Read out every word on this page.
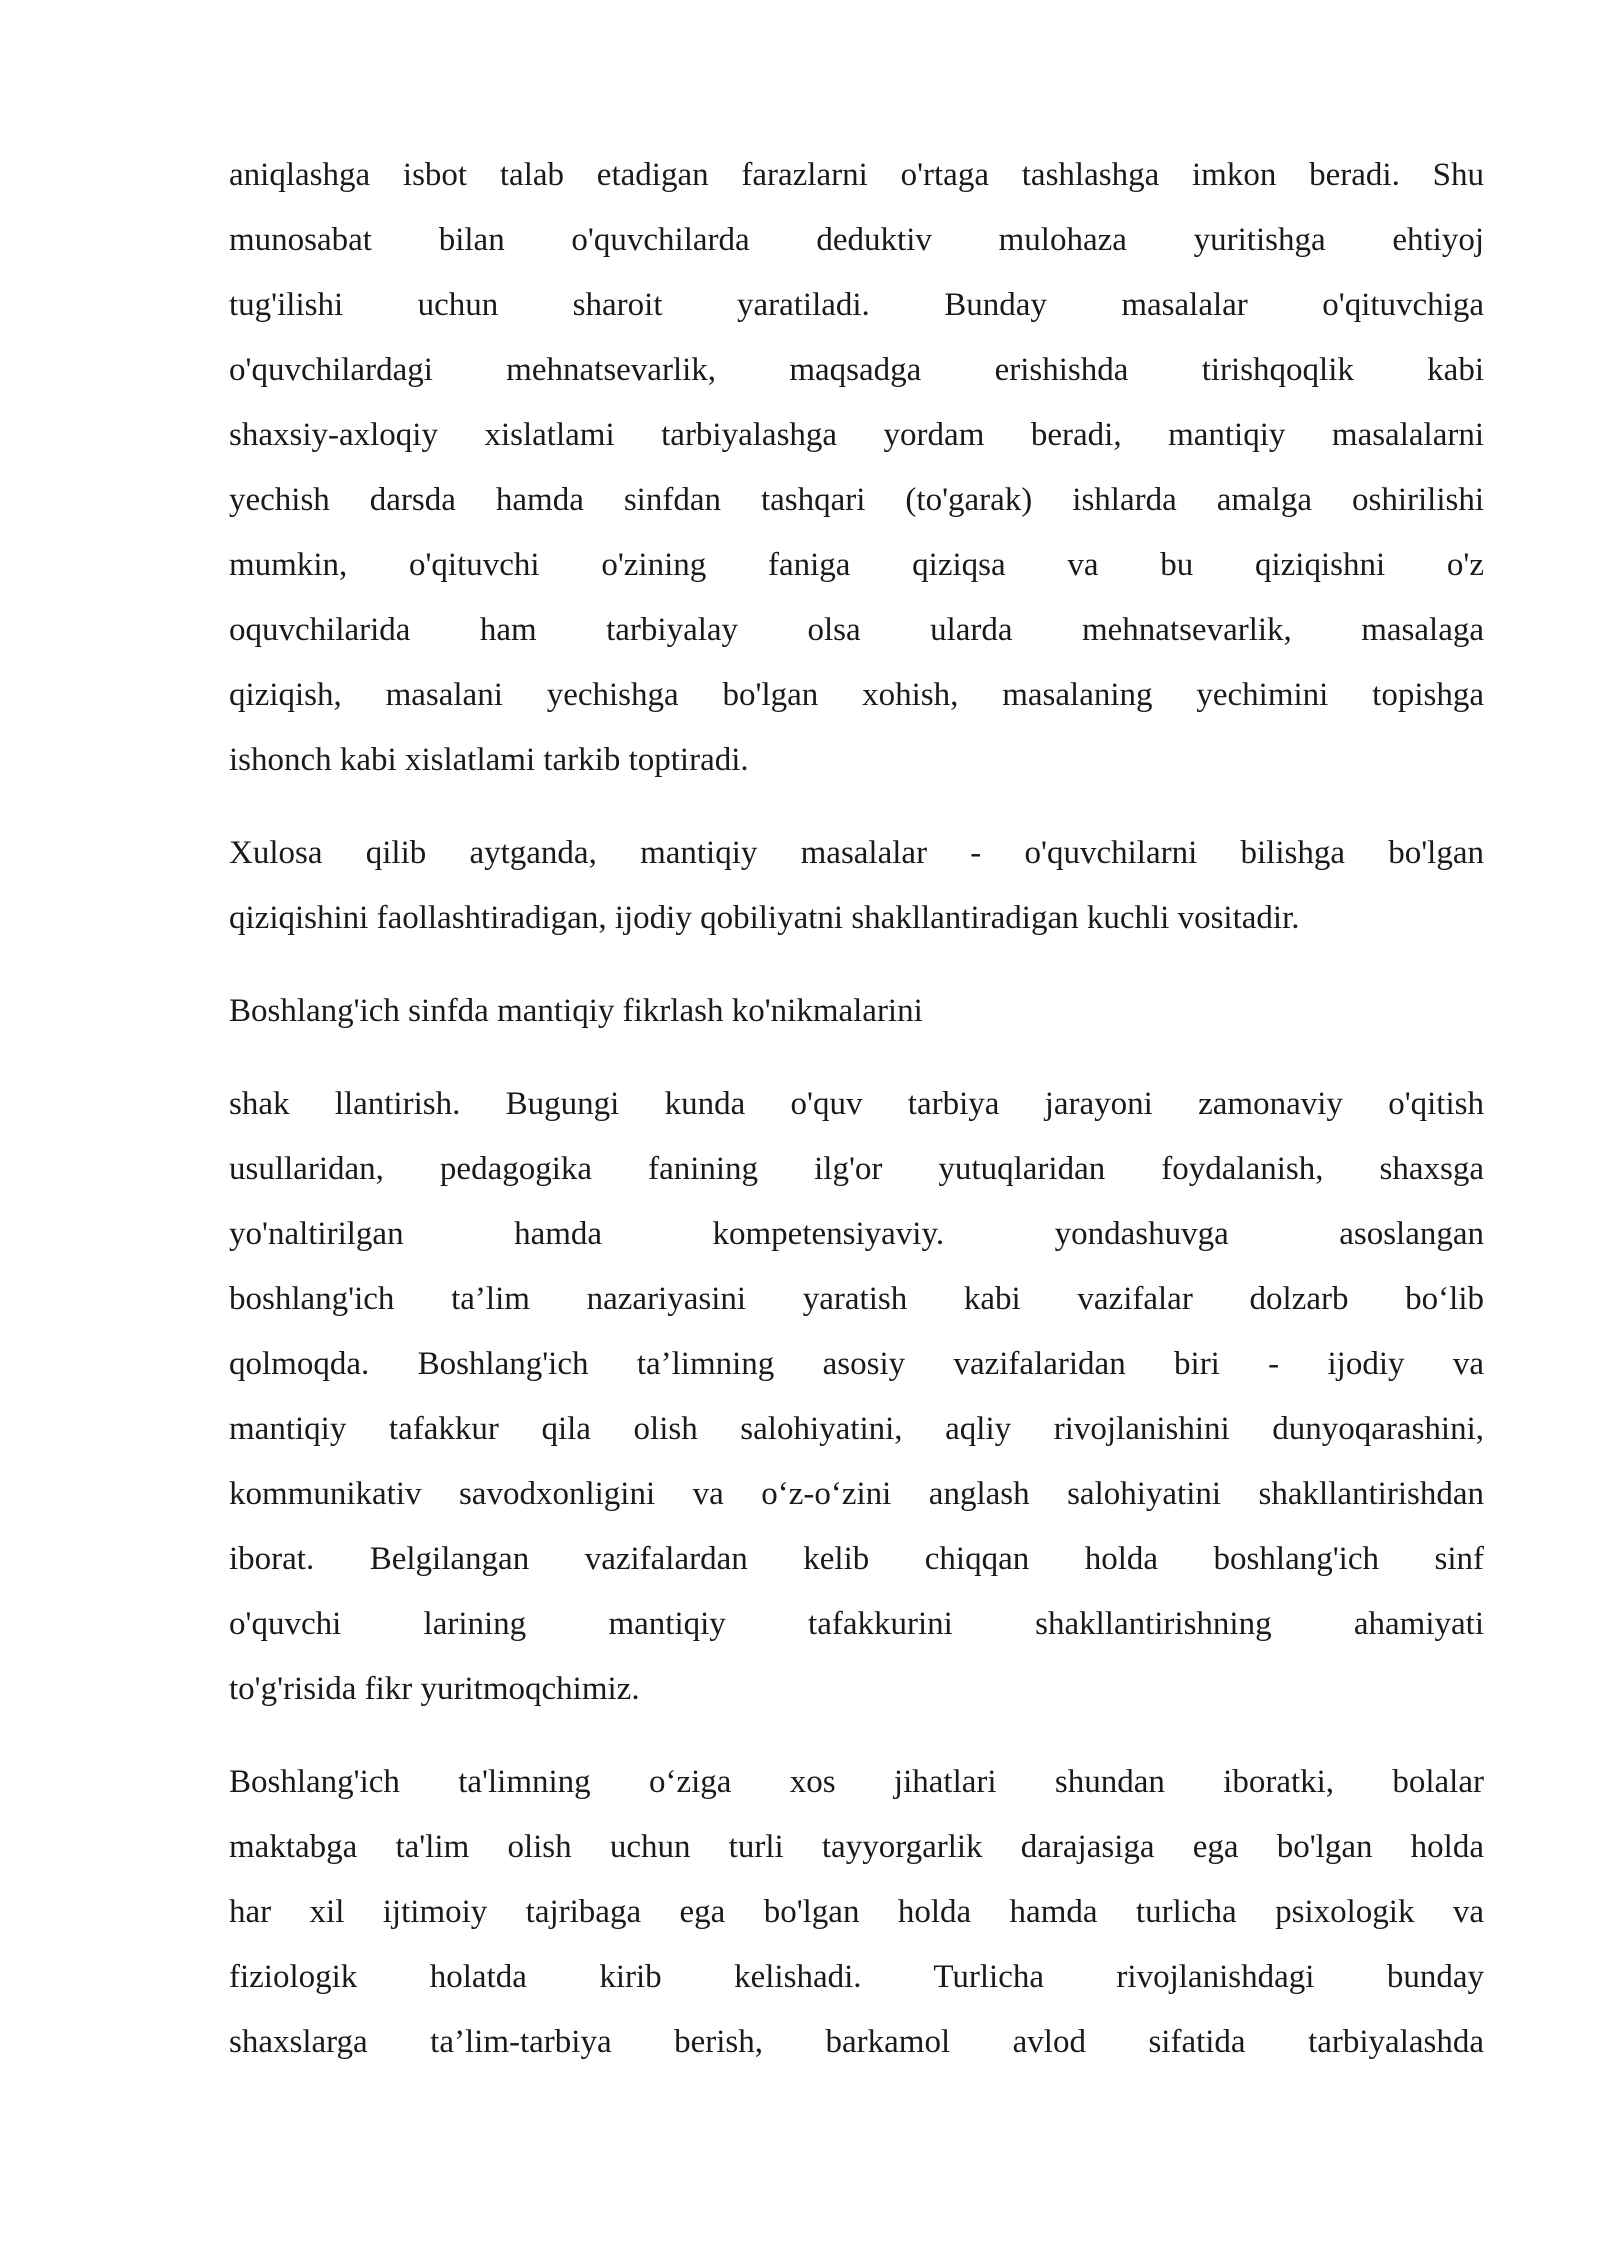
aniqlashga isbot talab etadigan farazlarni o'rtaga tashlashga imkon beradi. Shu
munosabat bilan o'quvchilarda deduktiv mulohaza yuritishga ehtiyoj
tug'ilishi uchun sharoit yaratiladi. Bunday masalalar o'qituvchiga
o'quvchilardagi mehnatsevarlik, maqsadga erishishda tirishqoqlik kabi
shaxsiy-axloqiy xislatlami tarbiyalashga yordam beradi, mantiqiy masalalarni
yechish darsda hamda sinfdan tashqari (to'garak) ishlarda amalga oshirilishi
mumkin, o'qituvchi o'zining faniga qiziqsa va bu qiziqishni o'z
oquvchilarida ham tarbiyalay olsa ularda mehnatsevarlik, masalaga
qiziqish, masalani yechishga bo'lgan xohish, masalaning yechimini topishga
ishonch kabi xislatlami tarkib toptiradi.

Xulosa qilib aytganda, mantiqiy masalalar - o'quvchilarni bilishga bo'lgan
qiziqishini faollashtiradigan, ijodiy qobiliyatni shakllantiradigan kuchli vositadir.

Boshlang'ich sinfda mantiqiy fikrlash ko'nikmalarini

shak llantirish. Bugungi kunda o'quv tarbiya jarayoni zamonaviy o'qitish
usullaridan, pedagogika fanining ilg'or yutuqlaridan foydalanish, shaxsga
yo'naltirilgan hamda kompetensiyaviy. yondashuvga asoslangan
boshlang'ich ta’lim nazariyasini yaratish kabi vazifalar dolzarb bo‘lib
qolmoqda. Boshlang'ich ta’limning asosiy vazifalaridan biri - ijodiy va
mantiqiy tafakkur qila olish salohiyatini, aqliy rivojlanishini dunyoqarashini,
kommunikativ savodxonligini va o‘z-o‘zini anglash salohiyatini shakllantirishdan
iborat. Belgilangan vazifalardan kelib chiqqan holda boshlang'ich sinf
o'quvchi larining mantiqiy tafakkurini shakllantirishning ahamiyati
to'g'risida fikr yuritmoqchimiz.

Boshlang'ich ta'limning o‘ziga xos jihatlari shundan iboratki, bolalar
maktabga ta'lim olish uchun turli tayyorgarlik darajasiga ega bo'lgan holda
har xil ijtimoiy tajribaga ega bo'lgan holda hamda turlicha psixologik va
fiziologik holatda kirib kelishadi. Turlicha rivojlanishdagi bunday
shaxslarga ta’lim-tarbiya berish, barkamol avlod sifatida tarbiyalashda
